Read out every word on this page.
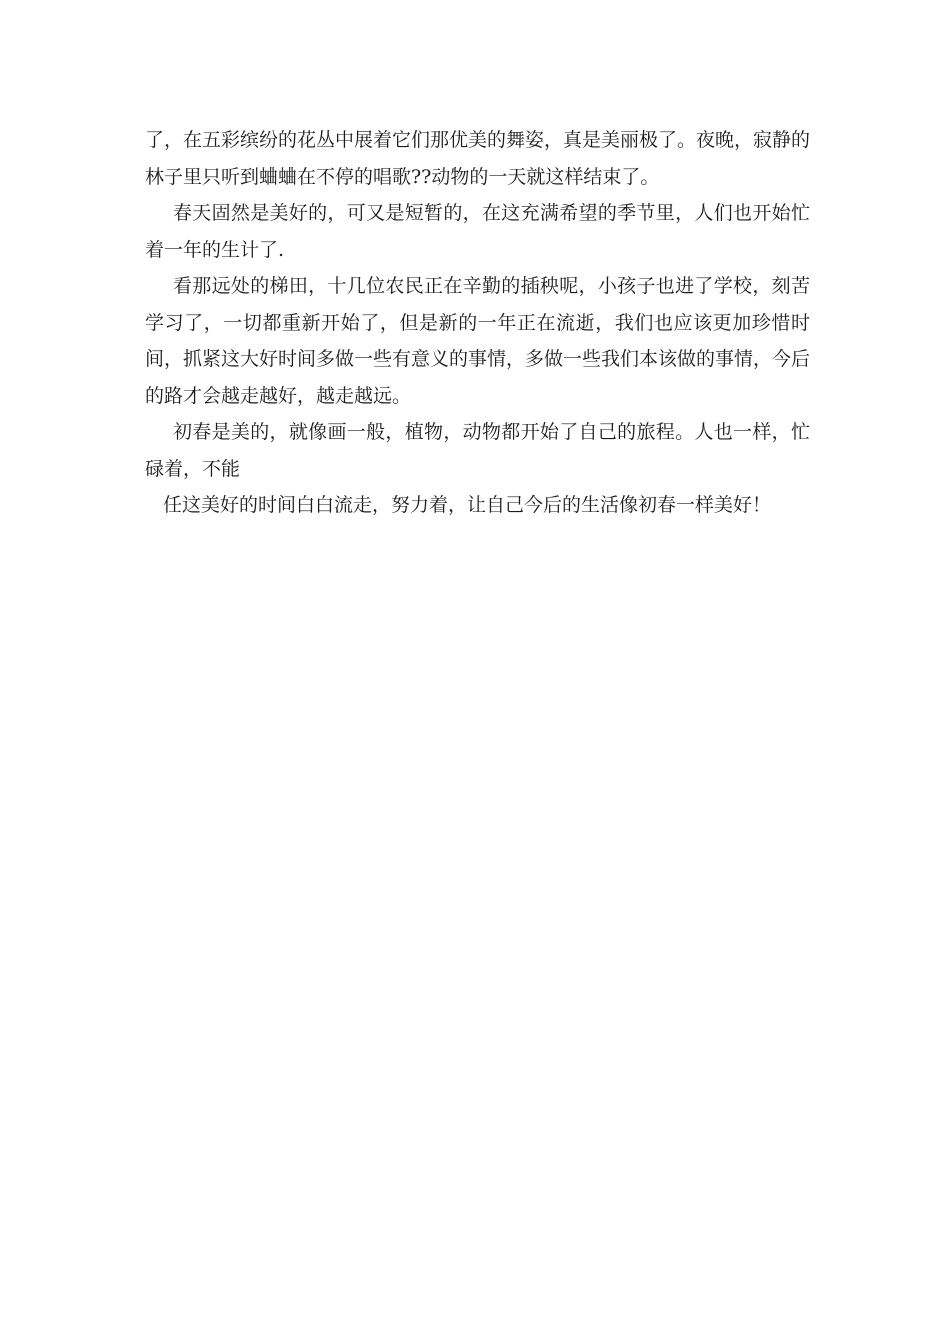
了，在五彩缤纷的花丛中展着它们那优美的舞姿，真是美丽极了。夜晚，寂静的林子里只听到蛐蛐在不停的唱歌??动物的一天就这样结束了。

春天固然是美好的，可又是短暂的，在这充满希望的季节里，人们也开始忙着一年的生计了.

看那远处的梯田，十几位农民正在辛勤的插秧呢，小孩子也进了学校，刻苦学习了，一切都重新开始了，但是新的一年正在流逝，我们也应该更加珍惜时间，抓紧这大好时间多做一些有意义的事情，多做一些我们本该做的事情，今后的路才会越走越好，越走越远。

初春是美的，就像画一般，植物，动物都开始了自己的旅程。人也一样，忙碌着，不能

任这美好的时间白白流走，努力着，让自己今后的生活像初春一样美好！
